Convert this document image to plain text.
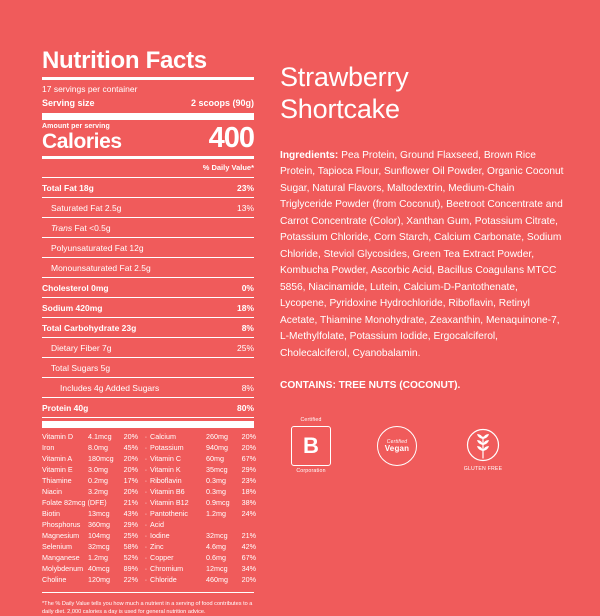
Nutrition Facts
17 servings per container
Serving size	2 scoops (90g)
Amount per serving
Calories	400
% Daily Value*
Total Fat 18g	23%
Saturated Fat 2.5g	13%
Trans Fat <0.5g
Polyunsaturated Fat 12g
Monounsaturated Fat 2.5g
Cholesterol 0mg	0%
Sodium 420mg	18%
Total Carbohydrate 23g	8%
Dietary Fiber 7g	25%
Total Sugars 5g
Includes 4g Added Sugars	8%
Protein 40g	80%
Vitamin D	4.1mcg	20% · Calcium	260mg	20%
Iron	8.0mg	45% · Potassium	940mg	20%
Vitamin A	180mcg	20% · Vitamin C	60mg	67%
Vitamin E	3.0mg	20% · Vitamin K	35mcg	29%
Thiamine	0.2mg	17% · Riboflavin	0.3mg	23%
Niacin	3.2mg	20% · Vitamin B6	0.3mg	18%
Folate 82mcg (DFE) 21% · Vitamin B12	0.9mcg	38%
Biotin	13mcg	43% · Pantothenic	1.2mg	24%
Phosphorus	360mg	29% · Acid
Magnesium	104mg	25% · Iodine	32mcg	21%
Selenium	32mcg	58% · Zinc	4.6mg	42%
Manganese	1.2mg	52% · Copper	0.6mg	67%
Molybdenum 40mcg	89% · Chromium	12mcg	34%
Choline	120mg	22% · Chloride	460mg	20%
*The % Daily Value tells you how much a nutrient in a serving of food contributes to a daily diet. 2,000 calories a day is used for general nutrition advice.
Strawberry
Shortcake

Ingredients: Pea Protein, Ground Flaxseed, Brown Rice Protein, Tapioca Flour, Sunflower Oil Powder, Organic Coconut Sugar, Natural Flavors, Maltodextrin, Medium-Chain Triglyceride Powder (from Coconut), Beetroot Concentrate and Carrot Concentrate (Color), Xanthan Gum, Potassium Citrate, Potassium Chloride, Corn Starch, Calcium Carbonate, Sodium Chloride, Steviol Glycosides, Green Tea Extract Powder, Kombucha Powder, Ascorbic Acid, Bacillus Coagulans MTCC 5856, Niacinamide, Lutein, Calcium-D-Pantothenate, Lycopene, Pyridoxine Hydrochloride, Riboflavin, Retinyl Acetate, Thiamine Monohydrate, Zeaxanthin, Menaquinone-7, L-Methylfolate, Potassium Iodide, Ergocalciferol, Cholecalciferol, Cyanobalamin.

CONTAINS: TREE NUTS (COCONUT).

Certified
B
Corporation

Certified
Vegan

GLUTEN FREE
